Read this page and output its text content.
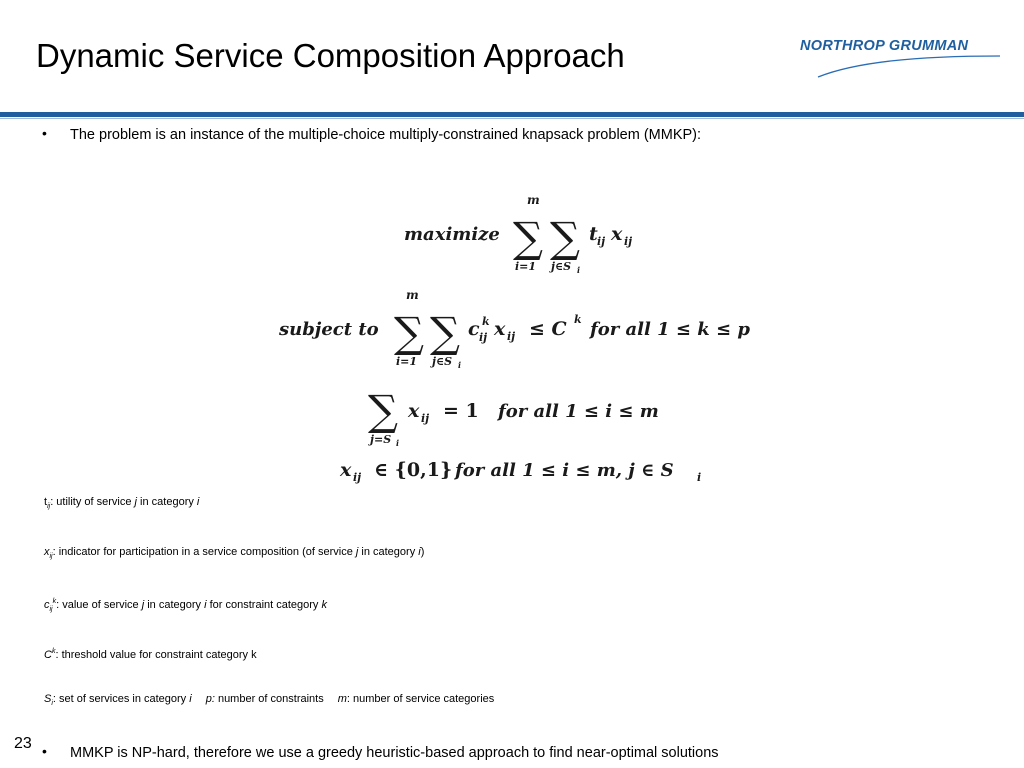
Dynamic Service Composition Approach	NORTHROP GRUMMAN
• The problem is an instance of the multiple-choice multiply-constrained knapsack problem (MMKP):
maximize
m
∑ ∑
i=1 j∈S i
t ij x ij
subject to
m
∑ ∑
i=1 j∈S i
c k
ij x ij ≤ C k for all 1 ≤ k ≤ p
∑
j=S i
x ij = 1 for all 1 ≤ i ≤ m
x ij ∈ {0,1} for all 1 ≤ i ≤ m, j ∈ S i
$t_{ij}$: utility of service j in category i
$x_{ij}$: indicator for participation in a service composition (of service j in category i)
$c_{ij}^k$: value of service j in category i for constraint category k
$C^k$: threshold value for constraint category k
$S_i$: set of services in category i p: number of constraints m: number of service categories
23 • MMKP is NP-hard, therefore we use a greedy heuristic-based approach to find near-optimal solutions
